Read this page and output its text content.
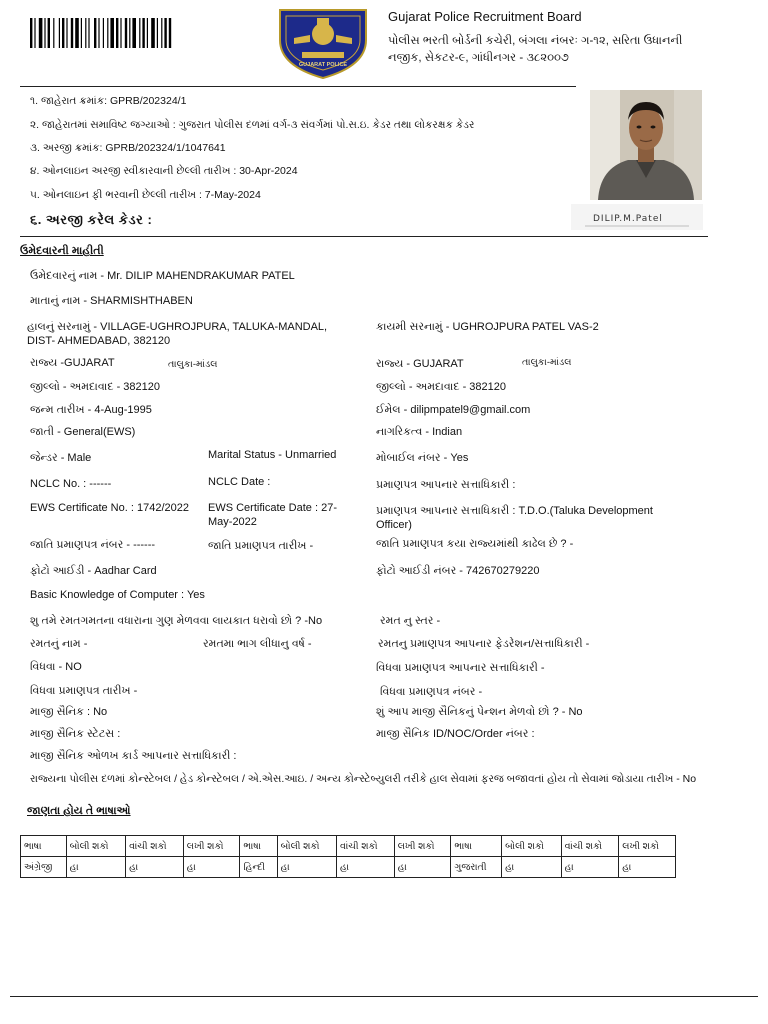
GUJARAT POLICE
Gujarat Police Recruitment Board
પોલીસ ભરતી બોર્ડની કચેરી, બંગલા નંબરઃ ગ-૧૨, સરિતા ઉધાનની
નજીક, સેકટર-૯, ગાંધીનગર - ૩૮૨૦૦૭
૧. જાહેરાત ક્રમાંક: GPRB/202324/1
૨. જાહેરાતમાં સમાવિષ્ટ જગ્યાઓ : ગુજરાત પોલીસ દળમાં વર્ગ-૩ સંવર્ગમાં પો.સ.ઇ. કેડર તથા લોકરક્ષક કેડર
૩. અરજી ક્રમાંક: GPRB/202324/1/1047641
૪. ઓનલાઇન અરજી સ્વીકારવાની છેલ્લી તારીખ : 30-Apr-2024
૫. ઓનલાઇન ફી ભરવાની છેલ્લી તારીખ : 7-May-2024
૬. અરજી કરેલ કેડર :	DILIP.M.Patel
ઉમેદવારની માહીતી
ઉમેદવારનું નામ - Mr. DILIP MAHENDRAKUMAR PATEL
માતાનું નામ - SHARMISHTHABEN
હાલનું સરનામું - VILLAGE-UGHROJPURA, TALUKA-MANDAL, DIST- AHMEDABAD, 382120
કાયમી સરનામું - UGHROJPURA PATEL VAS-2
રાજ્ય -GUJARAT	તાલુકા-માંડલ	રાજ્ય - GUJARAT	તાલુકા-માંડલ
જીલ્લો - અમદાવાદ - 382120	જીલ્લો - અમદાવાદ - 382120
જન્મ તારીખ - 4-Aug-1995	ઈમેલ - dilipmpatel9@gmail.com
જાતી - General(EWS)	નાગરિકત્વ - Indian
જેન્ડર - Male	Marital Status - Unmarried	મોબાઈલ નંબર - Yes
NCLC No. : ------	NCLC Date :	પ્રમાણપત્ર આપનાર સત્તાધિકારી :
EWS Certificate No. : 1742/2022 EWS Certificate Date : 27-May-2022
પ્રમાણપત્ર આપનાર સત્તાધિકારી : T.D.O.(Taluka Development Officer)
જાતિ પ્રમાણપત્ર નંબર - ------	જાતિ પ્રમાણપત્ર તારીખ -	જાતિ પ્રમાણપત્ર કયા રાજ્યમાંથી કાઢેલ છે ? -
ફોટો આઈડી - Aadhar Card	ફોટો આઈડી નંબર - 742670279220
Basic Knowledge of Computer : Yes
શુ તમે રમતગમતના વધારાના ગુણ મેળવવા લાયકાત ધરાવો છો ? -No	રમત નુ સ્તર -
રમતનું નામ -	રમતમા ભાગ લીધાનુ વર્ષ -	રમતનુ પ્રમાણપત્ર આપનાર ફેડરેશન/સત્તાધિકારી -
વિધવા - NO	વિધવા પ્રમાણપત્ર આપનાર સત્તાધિકારી -
વિધવા પ્રમાણપત્ર તારીખ -	વિધવા પ્રમાણપત્ર નંબર -
માજી સૈનિક : No	શું આપ માજી સૈનિકનું પેન્શન મેળવો છો ? - No
માજી સૈનિક સ્ટેટસ :	માજી સૈનિક ID/NOC/Order નંબર :
માજી સૈનિક ઓળખ કાર્ડ આપનાર સત્તાધિકારી :
રાજ્યના પોલીસ દળમાં કોન્સ્ટેબલ / હેડ કોન્સ્ટેબલ / એ.એસ.આઇ. / અન્ય કોન્સ્ટેબ્યુલરી તરીકે હાલ સેવામાં ફરજ બજાવતાં હોય તો સેવામાં જોડાયા તારીખ - No
જાણતા હોય તે ભાષાઓ
ભાષા	બોલી શકો	વાંચી શકો	લખી શકો	ભાષા	બોલી શકો	વાંચી શકો	લખી શકો	ભાષા	બોલી શકો	વાંચી શકો	લખી શકો
અંગ્રેજી	હા	હા	હા	હિન્દી	હા	હા	હા	ગુજરાતી	હા	હા	હા
